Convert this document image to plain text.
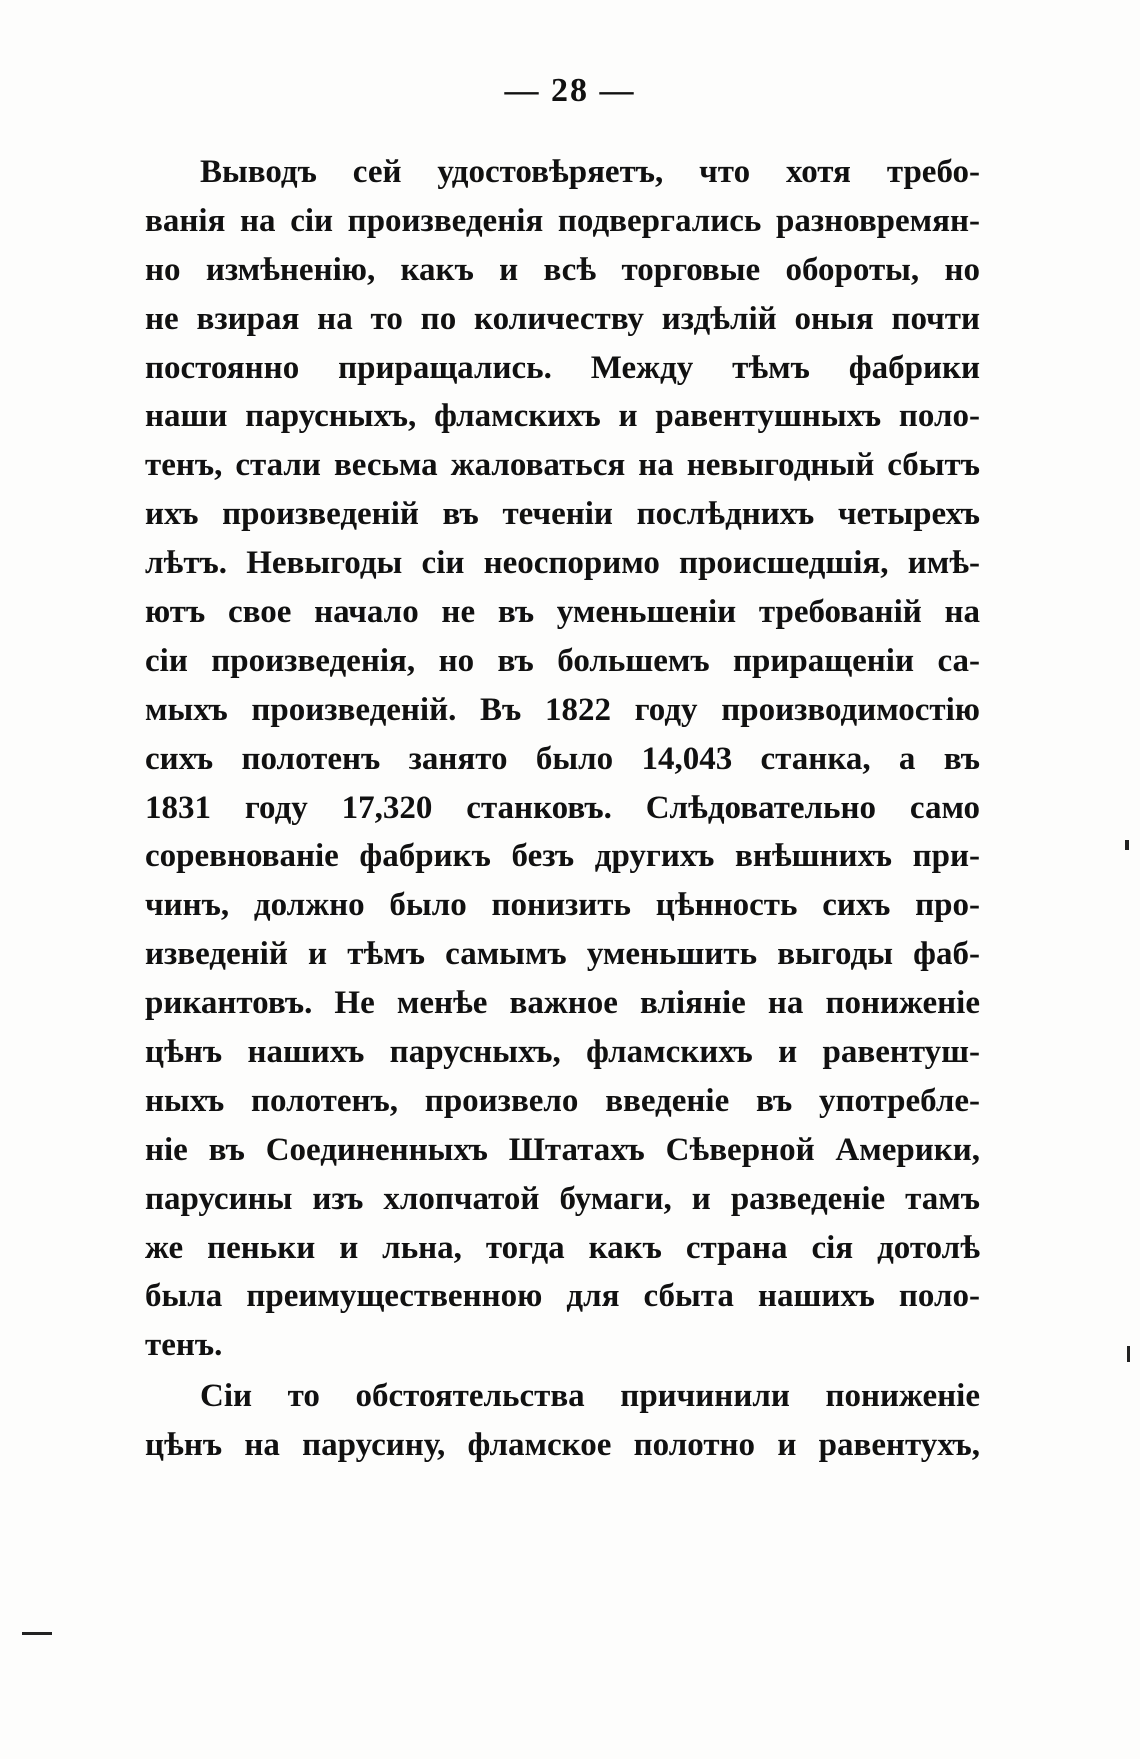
— 28 —
Выводъ сей удостовѣряетъ, что хотя требо-
ванія на сіи произведенія подвергались разновремян-
но измѣненію, какъ и всѣ торговые обороты, но
не взирая на то по количеству издѣлій оныя почти
постоянно приращались. Между тѣмъ фабрики
наши парусныхъ, фламскихъ и равентушныхъ поло-
тенъ, стали весьма жаловаться на невыгодный сбытъ
ихъ произведеній въ теченіи послѣднихъ четырехъ
лѣтъ. Невыгоды сіи неоспоримо происшедшія, имѣ-
ютъ свое начало не въ уменьшеніи требованій на
сіи произведенія, но въ большемъ приращеніи са-
мыхъ произведеній. Въ 1822 году производимостію
сихъ полотенъ занято было 14,043 станка, а въ
1831 году 17,320 станковъ. Слѣдовательно само
соревнованіе фабрикъ безъ другихъ внѣшнихъ при-
чинъ, должно было понизить цѣнность сихъ про-
изведеній и тѣмъ самымъ уменьшить выгоды фаб-
рикантовъ. Не менѣе важное вліяніе на пониженіе
цѣнъ нашихъ парусныхъ, фламскихъ и равентуш-
ныхъ полотенъ, произвело введеніе въ употребле-
ніе въ Соединенныхъ Штатахъ Сѣверной Америки,
парусины изъ хлопчатой бумаги, и разведеніе тамъ
же пеньки и льна, тогда какъ страна сія дотолѣ
была преимущественною для сбыта нашихъ поло-
тенъ.
Сіи то обстоятельства причинили пониженіе
цѣнъ на парусину, фламское полотно и равентухъ,
